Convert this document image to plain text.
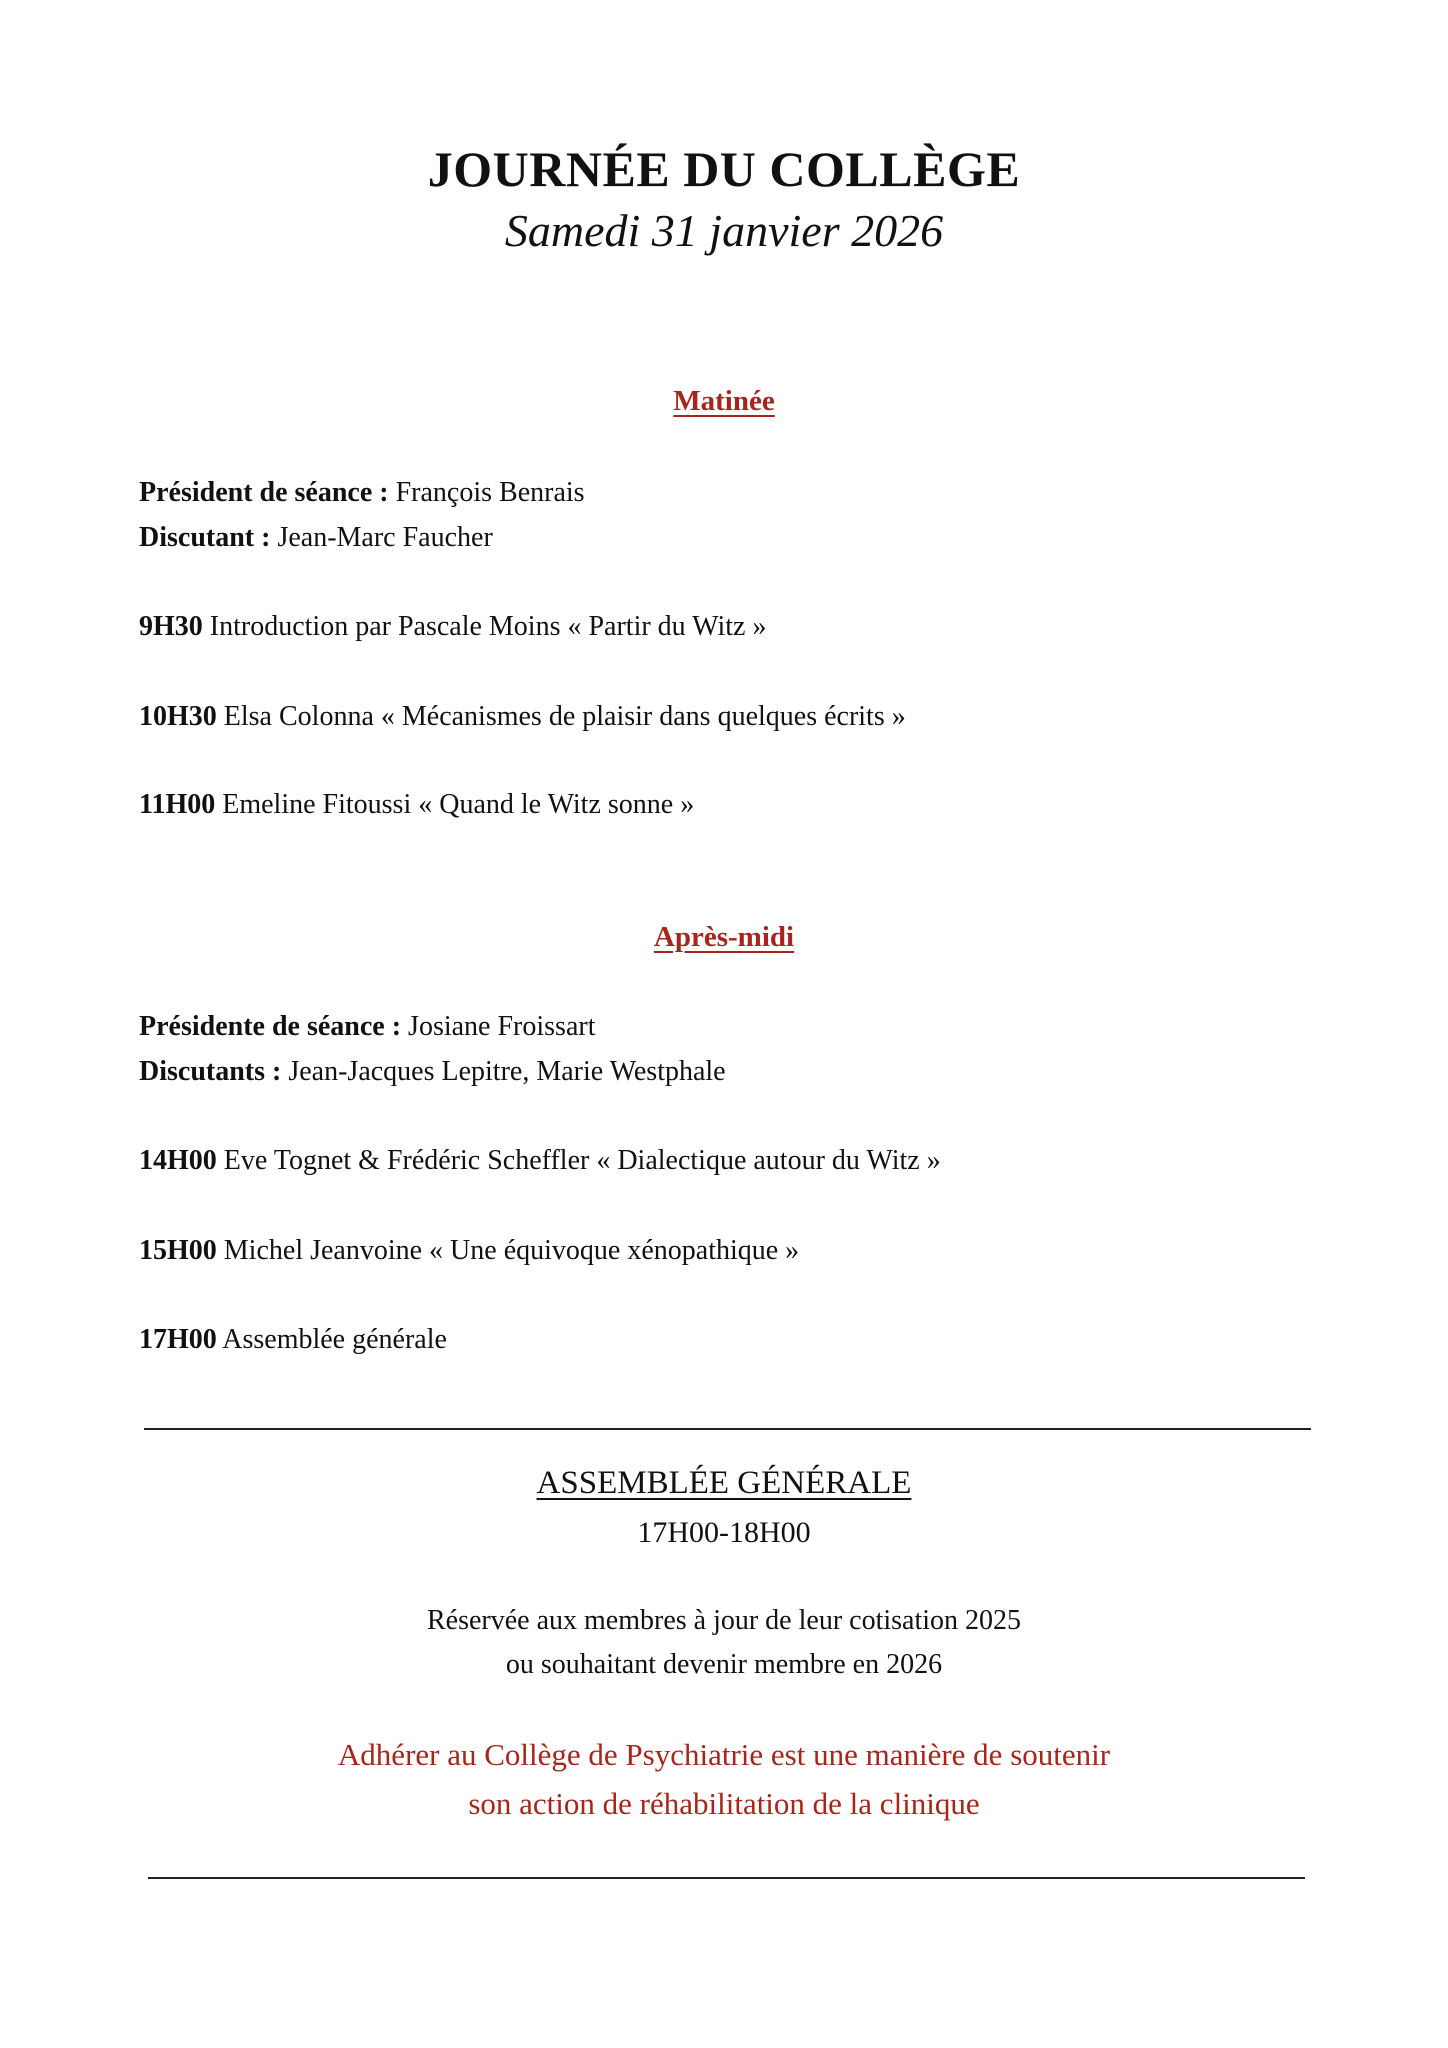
JOURNÉE DU COLLÈGE
Samedi 31 janvier 2026
Matinée
Président de séance : François Benrais
Discutant : Jean-Marc Faucher
9H30 Introduction par Pascale Moins « Partir du Witz »
10H30 Elsa Colonna « Mécanismes de plaisir dans quelques écrits »
11H00 Emeline Fitoussi « Quand le Witz sonne »
Après-midi
Présidente de séance : Josiane Froissart
Discutants : Jean-Jacques Lepitre, Marie Westphale
14H00 Eve Tognet & Frédéric Scheffler « Dialectique autour du Witz »
15H00 Michel Jeanvoine « Une équivoque xénopathique »
17H00 Assemblée générale
ASSEMBLÉE GÉNÉRALE
17H00-18H00
Réservée aux membres à jour de leur cotisation 2025
ou souhaitant devenir membre en 2026
Adhérer au Collège de Psychiatrie est une manière de soutenir
son action de réhabilitation de la clinique
